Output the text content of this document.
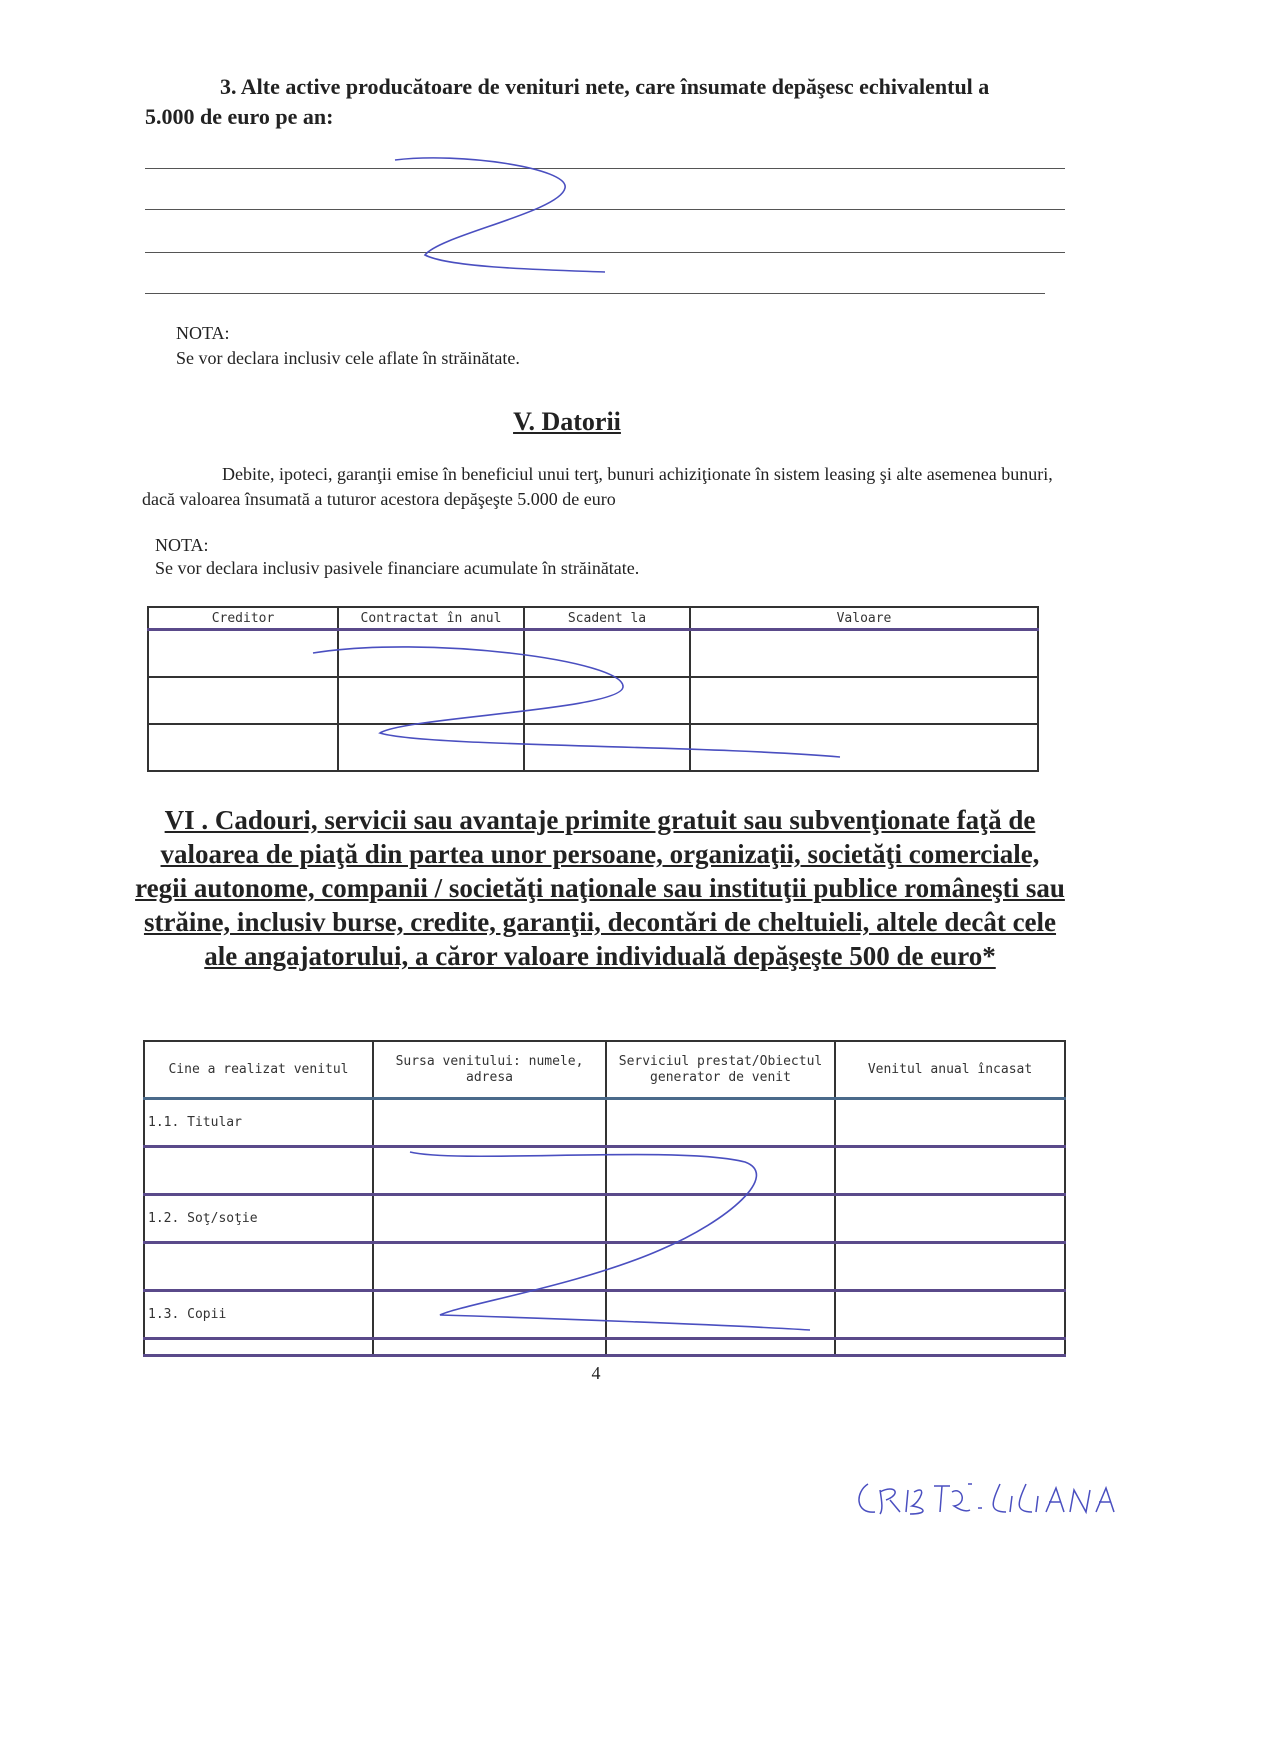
3. Alte active producătoare de venituri nete, care însumate depăşesc echivalentul a 5.000 de euro pe an:
NOTA:
Se vor declara inclusiv cele aflate în străinătate.
V. Datorii
Debite, ipoteci, garanţii emise în beneficiul unui terţ, bunuri achiziţionate în sistem leasing şi alte asemenea bunuri, dacă valoarea însumată a tuturor acestora depăşeşte 5.000 de euro
NOTA:
Se vor declara inclusiv pasivele financiare acumulate în străinătate.
Creditor	Contractat în anul	Scadent la	Valoare

VI . Cadouri, servicii sau avantaje primite gratuit sau subvenţionate faţă de valoarea de piaţă din partea unor persoane, organizaţii, societăţi comerciale, regii autonome, companii / societăţi naţionale sau instituţii publice româneşti sau străine, inclusiv burse, credite, garanţii, decontări de cheltuieli, altele decât cele ale angajatorului, a căror valoare individuală depăşeşte 500 de euro*
Cine a realizat venitul	Sursa venitului: numele, adresa	Serviciul prestat/Obiectul generator de venit	Venitul anual încasat
1.1. Titular			

1.2. Soţ/soţie			

1.3. Copii			

4
